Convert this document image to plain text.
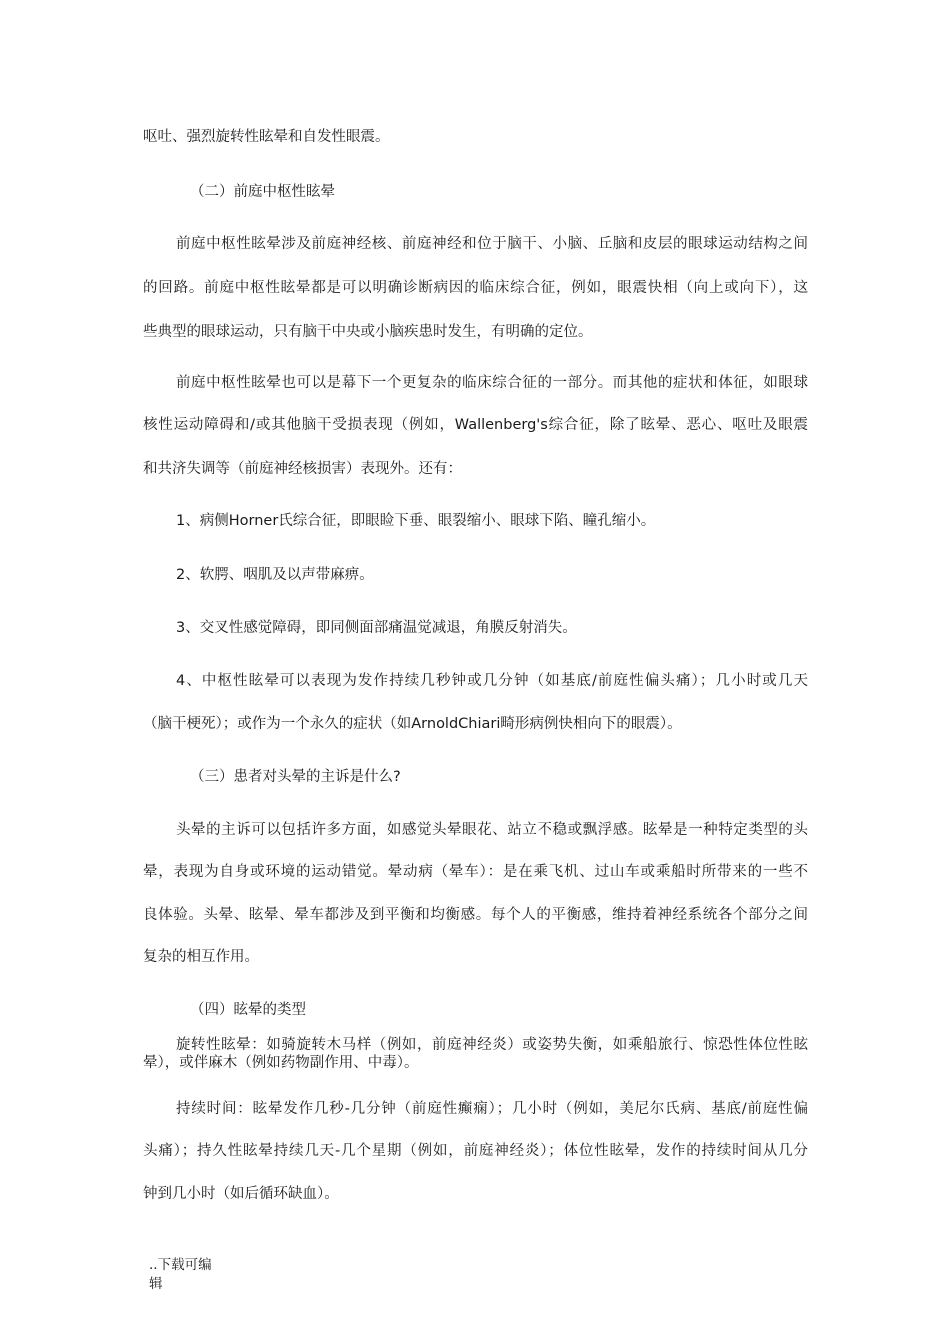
呕吐、强烈旋转性眩晕和自发性眼震。

（二）前庭中枢性眩晕

前庭中枢性眩晕涉及前庭神经核、前庭神经和位于脑干、小脑、丘脑和皮层的眼球运动结构之间

的回路。前庭中枢性眩晕都是可以明确诊断病因的临床综合征，例如，眼震快相（向上或向下），这

些典型的眼球运动，只有脑干中央或小脑疾患时发生，有明确的定位。

前庭中枢性眩晕也可以是幕下一个更复杂的临床综合征的一部分。而其他的症状和体征，如眼球

核性运动障碍和/或其他脑干受损表现（例如，Wallenberg's综合征，除了眩晕、恶心、呕吐及眼震

和共济失调等（前庭神经核损害）表现外。还有：

1、病侧Horner氏综合征，即眼睑下垂、眼裂缩小、眼球下陷、瞳孔缩小。

2、软腭、咽肌及以声带麻痹。

3、交叉性感觉障碍，即同侧面部痛温觉减退，角膜反射消失。

4、中枢性眩晕可以表现为发作持续几秒钟或几分钟（如基底/前庭性偏头痛）；几小时或几天

（脑干梗死）；或作为一个永久的症状（如ArnoldChiari畸形病例快相向下的眼震）。

（三）患者对头晕的主诉是什么?

头晕的主诉可以包括许多方面，如感觉头晕眼花、站立不稳或飘浮感。眩晕是一种特定类型的头

晕，表现为自身或环境的运动错觉。晕动病（晕车）：是在乘飞机、过山车或乘船时所带来的一些不

良体验。头晕、眩晕、晕车都涉及到平衡和均衡感。每个人的平衡感，维持着神经系统各个部分之间

复杂的相互作用。

（四）眩晕的类型

旋转性眩晕：如骑旋转木马样（例如，前庭神经炎）或姿势失衡，如乘船旅行、惊恐性体位性眩

晕），或伴麻木（例如药物副作用、中毒）。

持续时间：眩晕发作几秒-几分钟（前庭性癫痫）；几小时（例如，美尼尔氏病、基底/前庭性偏

头痛）；持久性眩晕持续几天-几个星期（例如，前庭神经炎）；体位性眩晕，发作的持续时间从几分

钟到几小时（如后循环缺血）。

..下载可编

辑
